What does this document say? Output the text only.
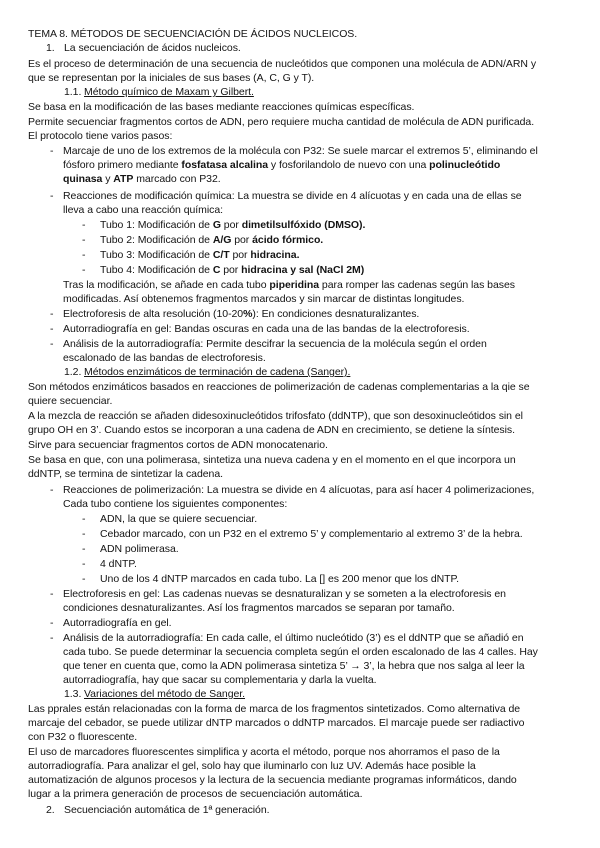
TEMA 8. MÉTODOS DE SECUENCIACIÓN DE ÁCIDOS NUCLEICOS.
1. La secuenciación de ácidos nucleicos.
Es el proceso de determinación de una secuencia de nucleótidos que componen una molécula de ADN/ARN y
que se representan por la iniciales de sus bases (A, C, G y T).
1.1. Método químico de Maxam y Gilbert.
Se basa en la modificación de las bases mediante reacciones químicas específicas.
Permite secuenciar fragmentos cortos de ADN, pero requiere mucha cantidad de molécula de ADN purificada.
El protocolo tiene varios pasos:
- Marcaje de uno de los extremos de la molécula con P32: Se suele marcar el extremos 5’, eliminando el
fósforo primero mediante fosfatasa alcalina y fosforilandolo de nuevo con una polinucleótido
quinasa y ATP marcado con P32.
- Reacciones de modificación química: La muestra se divide en 4 alícuotas y en cada una de ellas se
lleva a cabo una reacción química:
- Tubo 1: Modificación de G por dimetilsulfóxido (DMSO).
- Tubo 2: Modificación de A/G por ácido fórmico.
- Tubo 3: Modificación de C/T por hidracina.
- Tubo 4: Modificación de C por hidracina y sal (NaCl 2M)
Tras la modificación, se añade en cada tubo piperidina para romper las cadenas según las bases
modificadas. Así obtenemos fragmentos marcados y sin marcar de distintas longitudes.
- Electroforesis de alta resolución (10-20%): En condiciones desnaturalizantes.
- Autorradiografía en gel: Bandas oscuras en cada una de las bandas de la electroforesis.
- Análisis de la autorradiografía: Permite descifrar la secuencia de la molécula según el orden
escalonado de las bandas de electroforesis.
1.2. Métodos enzimáticos de terminación de cadena (Sanger).
Son métodos enzimáticos basados en reacciones de polimerización de cadenas complementarias a la qie se
quiere secuenciar.
A la mezcla de reacción se añaden didesoxinucleótidos trifosfato (ddNTP), que son desoxinucleótidos sin el
grupo OH en 3’. Cuando estos se incorporan a una cadena de ADN en crecimiento, se detiene la síntesis.
Sirve para secuenciar fragmentos cortos de ADN monocatenario.
Se basa en que, con una polimerasa, sintetiza una nueva cadena y en el momento en el que incorpora un
ddNTP, se termina de sintetizar la cadena.
- Reacciones de polimerización: La muestra se divide en 4 alícuotas, para así hacer 4 polimerizaciones,
Cada tubo contiene los siguientes componentes:
- ADN, la que se quiere secuenciar.
- Cebador marcado, con un P32 en el extremo 5’ y complementario al extremo 3’ de la hebra.
- ADN polimerasa.
- 4 dNTP.
- Uno de los 4 dNTP marcados en cada tubo. La [] es 200 menor que los dNTP.
- Electroforesis en gel: Las cadenas nuevas se desnaturalizan y se someten a la electroforesis en
condiciones desnaturalizantes. Así los fragmentos marcados se separan por tamaño.
- Autorradiografía en gel.
- Análisis de la autorradiografía: En cada calle, el último nucleótido (3’) es el ddNTP que se añadió en
cada tubo. Se puede determinar la secuencia completa según el orden escalonado de las 4 calles. Hay
que tener en cuenta que, como la ADN polimerasa sintetiza 5’ → 3’, la hebra que nos salga al leer la
autorradiografía, hay que sacar su complementaria y darla la vuelta.
1.3. Variaciones del método de Sanger.
Las pprales están relacionadas con la forma de marca de los fragmentos sintetizados. Como alternativa de
marcaje del cebador, se puede utilizar dNTP marcados o ddNTP marcados. El marcaje puede ser radiactivo
con P32 o fluorescente.
El uso de marcadores fluorescentes simplifica y acorta el método, porque nos ahorramos el paso de la
autorradiografía. Para analizar el gel, solo hay que iluminarlo con luz UV. Además hace posible la
automatización de algunos procesos y la lectura de la secuencia mediante programas informáticos, dando
lugar a la primera generación de procesos de secuenciación automática.
2. Secuenciación automática de 1ª generación.
